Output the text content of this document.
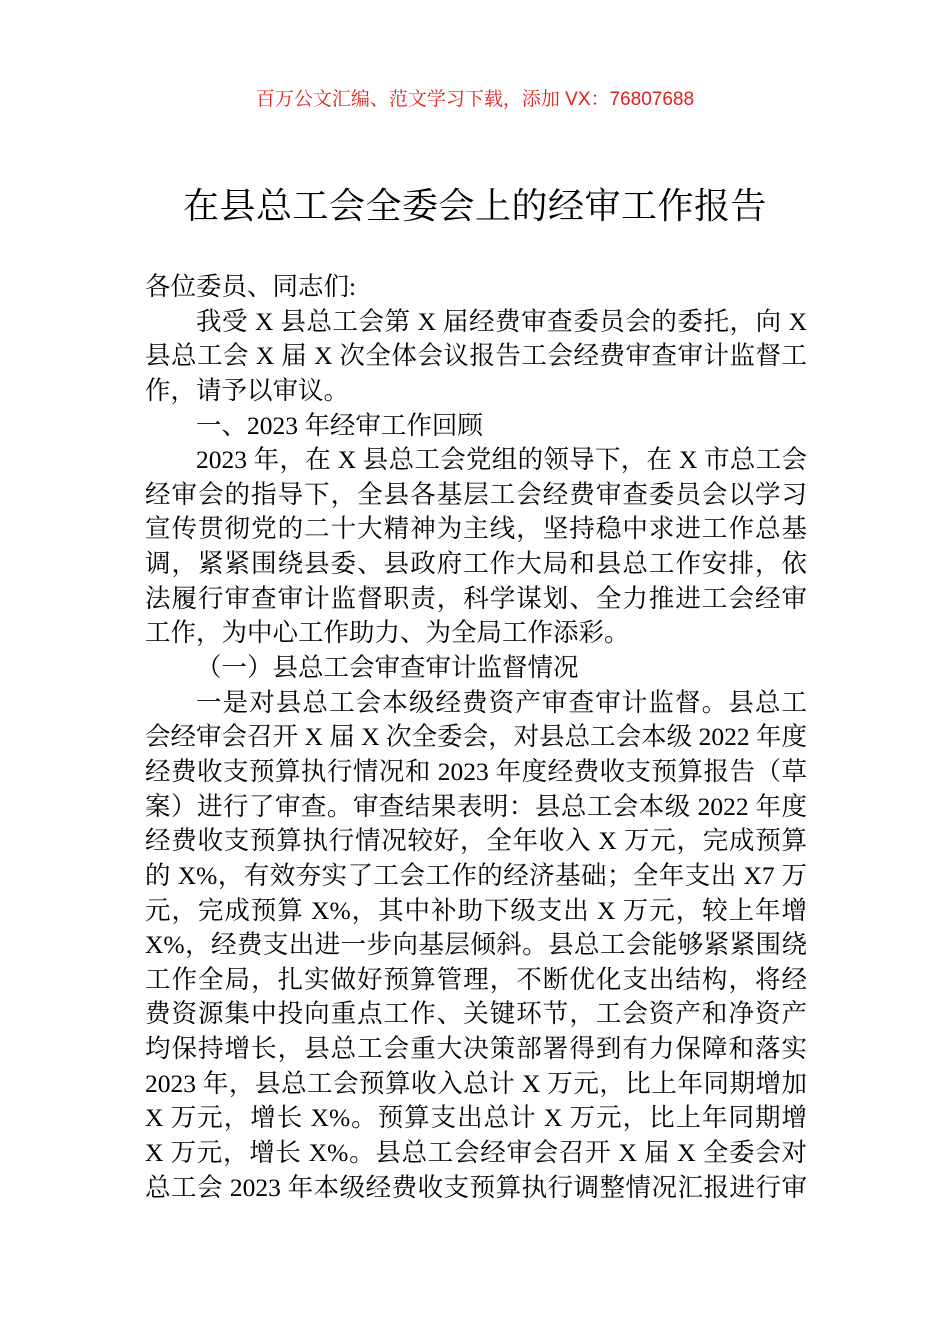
百万公文汇编、范文学习下载，添加 VX：76807688
在县总工会全委会上的经审工作报告
各位委员、同志们:
我受 X 县总工会第 X 届经费审查委员会的委托，向 X
县总工会 X 届 X 次全体会议报告工会经费审查审计监督工
作，请予以审议。
一、2023 年经审工作回顾
2023 年，在 X 县总工会党组的领导下，在 X 市总工会
经审会的指导下，全县各基层工会经费审查委员会以学习
宣传贯彻党的二十大精神为主线，坚持稳中求进工作总基
调，紧紧围绕县委、县政府工作大局和县总工作安排，依
法履行审查审计监督职责，科学谋划、全力推进工会经审
工作，为中心工作助力、为全局工作添彩。
（一）县总工会审查审计监督情况
一是对县总工会本级经费资产审查审计监督。县总工
会经审会召开 X 届 X 次全委会，对县总工会本级 2022 年度
经费收支预算执行情况和 2023 年度经费收支预算报告（草
案）进行了审查。审查结果表明：县总工会本级 2022 年度
经费收支预算执行情况较好，全年收入 X 万元，完成预算
的 X%，有效夯实了工会工作的经济基础；全年支出 X7 万
元，完成预算 X%，其中补助下级支出 X 万元，较上年增
X%，经费支出进一步向基层倾斜。县总工会能够紧紧围绕
工作全局，扎实做好预算管理，不断优化支出结构，将经
费资源集中投向重点工作、关键环节，工会资产和净资产
均保持增长，县总工会重大决策部署得到有力保障和落实
2023 年，县总工会预算收入总计 X 万元，比上年同期增加
X 万元，增长 X%。预算支出总计 X 万元，比上年同期增
X 万元，增长 X%。县总工会经审会召开 X 届 X 全委会对
总工会 2023 年本级经费收支预算执行调整情况汇报进行审
